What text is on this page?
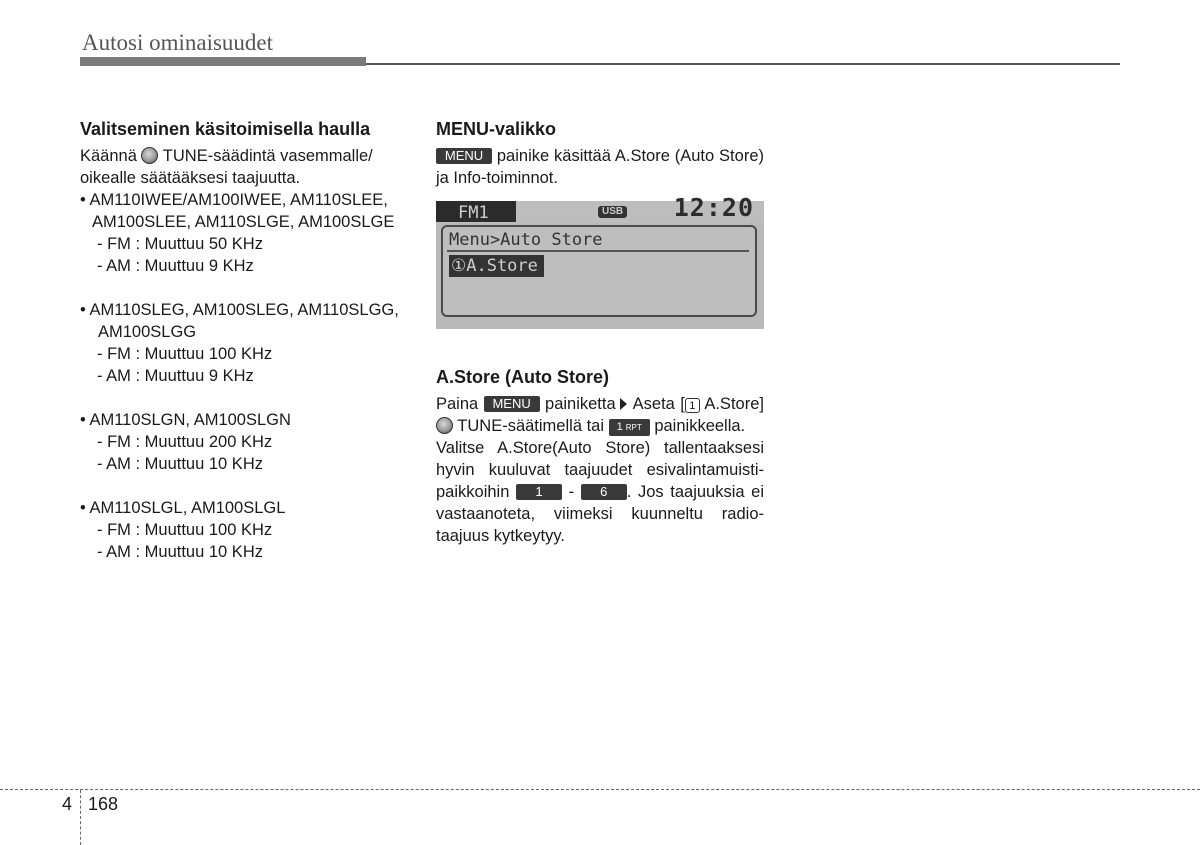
Autosi ominaisuudet
Valitseminen käsitoimisella haulla

Käännä TUNE-säädintä vasemmalle/ oikealle säätääksesi taajuutta.

• AM110IWEE/AM100IWEE, AM110SLEE, AM100SLEE, AM110SLGE, AM100SLGE
- FM : Muuttuu 50 KHz
- AM : Muuttuu 9 KHz
• AM110SLEG, AM100SLEG, AM110SLGG, AM100SLGG
- FM : Muuttuu 100 KHz
- AM : Muuttuu 9 KHz
• AM110SLGN, AM100SLGN
- FM : Muuttuu 200 KHz
- AM : Muuttuu 10 KHz
• AM110SLGL, AM100SLGL
- FM : Muuttuu 100 KHz
- AM : Muuttuu 10 KHz
MENU-valikko

MENU painike käsittää A.Store (Auto Store) ja Info-toiminnot.

FM1	USB 12:20
Menu>Auto Store
①A.Store
A.Store (Auto Store)

Paina MENU painiketta Aseta [ 1 A.Store]  TUNE-säätimellä tai 1 RPT painikkeella.

Valitse A.Store(Auto Store) tallentaaksesi hyvin kuuluvat taajuudet esivalintamuisti- paikkoihin 1 - 6 . Jos taajuuksia ei vastaanoteta, viimeksi kuunneltu radio- taajuus kytkeytyy.

4 168
